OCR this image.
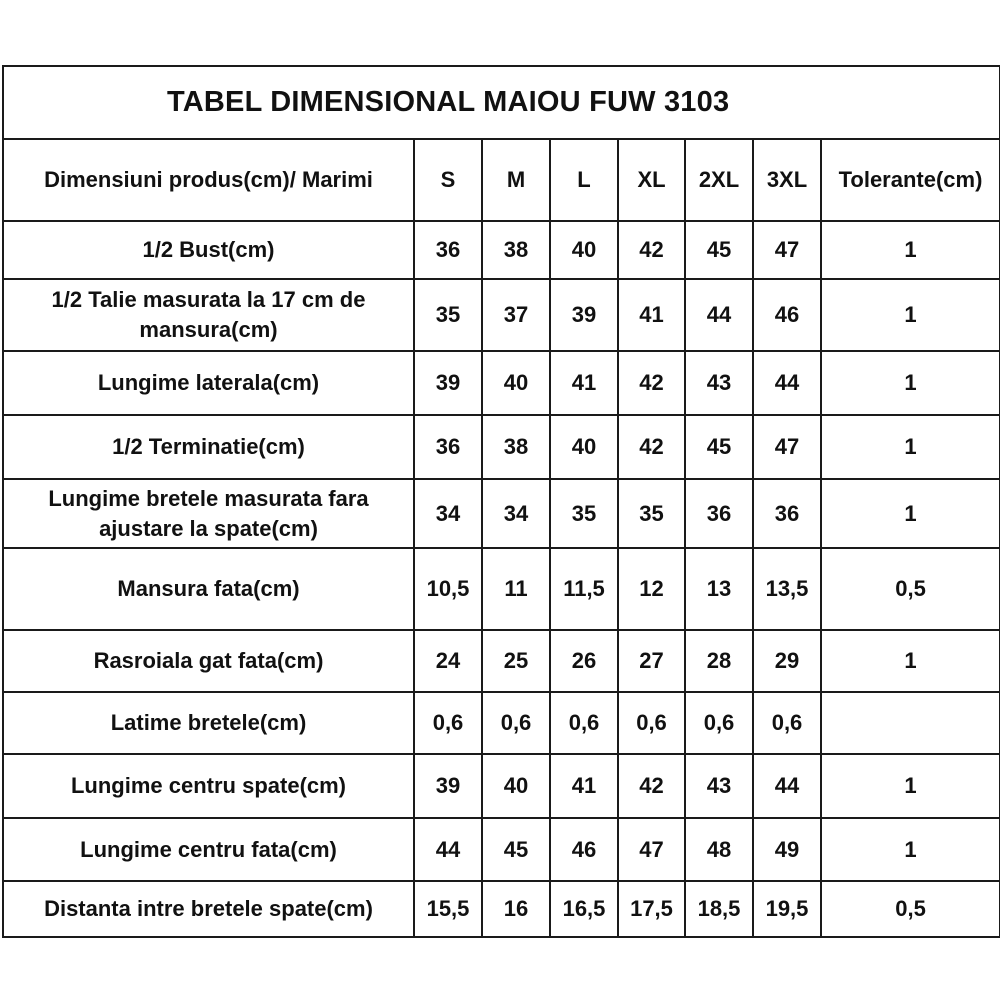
TABEL DIMENSIONAL MAIOU FUW 3103							
Dimensiuni produs(cm)/ Marimi	S	M	L	XL	2XL	3XL	Tolerante(cm)
1/2 Bust(cm)	36	38	40	42	45	47	1
1/2 Talie masurata la 17 cm de mansura(cm)	35	37	39	41	44	46	1
Lungime laterala(cm)	39	40	41	42	43	44	1
1/2 Terminatie(cm)	36	38	40	42	45	47	1
Lungime bretele masurata fara ajustare la spate(cm)	34	34	35	35	36	36	1
Mansura fata(cm)	10,5	11	11,5	12	13	13,5	0,5
Rasroiala gat fata(cm)	24	25	26	27	28	29	1
Latime bretele(cm)	0,6	0,6	0,6	0,6	0,6	0,6	
Lungime centru spate(cm)	39	40	41	42	43	44	1
Lungime centru fata(cm)	44	45	46	47	48	49	1
Distanta intre bretele spate(cm)	15,5	16	16,5	17,5	18,5	19,5	0,5
